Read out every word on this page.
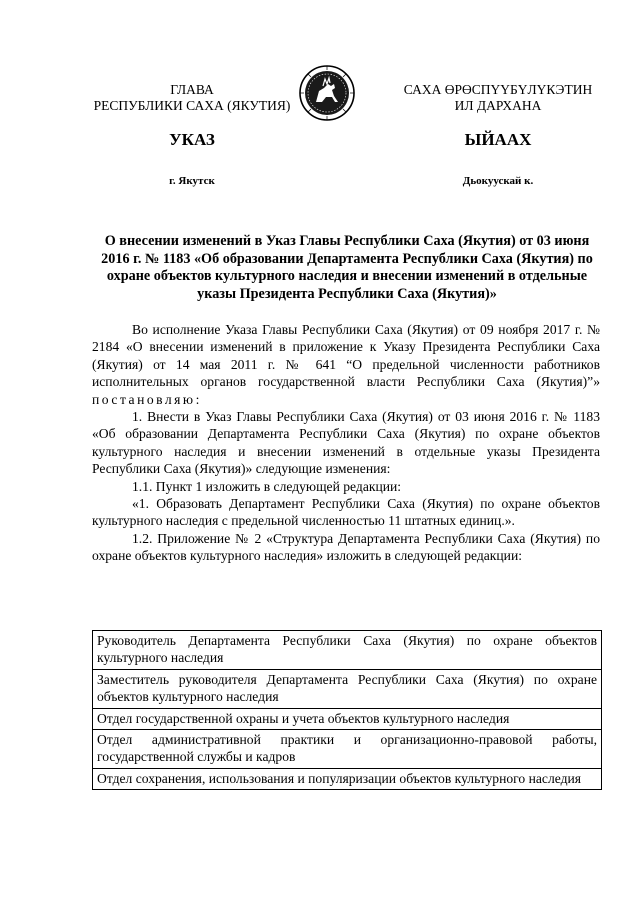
ГЛАВА
РЕСПУБЛИКИ САХА (ЯКУТИЯ)
САХА ӨРӨСПҮҮБҮЛҮКЭТИН
ИЛ ДАРХАНА
УКАЗ	ЫЙААХ
г. Якутск	Дьокуускай к.
О внесении изменений в Указ Главы Республики Саха (Якутия) от 03 июня 2016 г. № 1183 «Об образовании Департамента Республики Саха (Якутия) по охране объектов культурного наследия и внесении изменений в отдельные указы Президента Республики Саха (Якутия)»

Во исполнение Указа Главы Республики Саха (Якутия) от 09 ноября 2017 г. № 2184 «О внесении изменений в приложение к Указу Президента Республики Саха (Якутия) от 14 мая 2011 г. № 641 “О предельной численности работников исполнительных органов государственной власти Республики Саха (Якутия)”» постановляю:

1. Внести в Указ Главы Республики Саха (Якутия) от 03 июня 2016 г. № 1183 «Об образовании Департамента Республики Саха (Якутия) по охране объектов культурного наследия и внесении изменений в отдельные указы Президента Республики Саха (Якутия)» следующие изменения:

1.1. Пункт 1 изложить в следующей редакции:

«1. Образовать Департамент Республики Саха (Якутия) по охране объектов культурного наследия с предельной численностью 11 штатных единиц.».

1.2. Приложение № 2 «Структура Департамента Республики Саха (Якутия) по охране объектов культурного наследия» изложить в следующей редакции:

Руководитель Департамента Республики Саха (Якутия) по охране объектов культурного наследия
Заместитель руководителя Департамента Республики Саха (Якутия) по охране объектов культурного наследия
Отдел государственной охраны и учета объектов культурного наследия
Отдел административной практики и организационно-правовой работы, государственной службы и кадров
Отдел сохранения, использования и популяризации объектов культурного наследия
